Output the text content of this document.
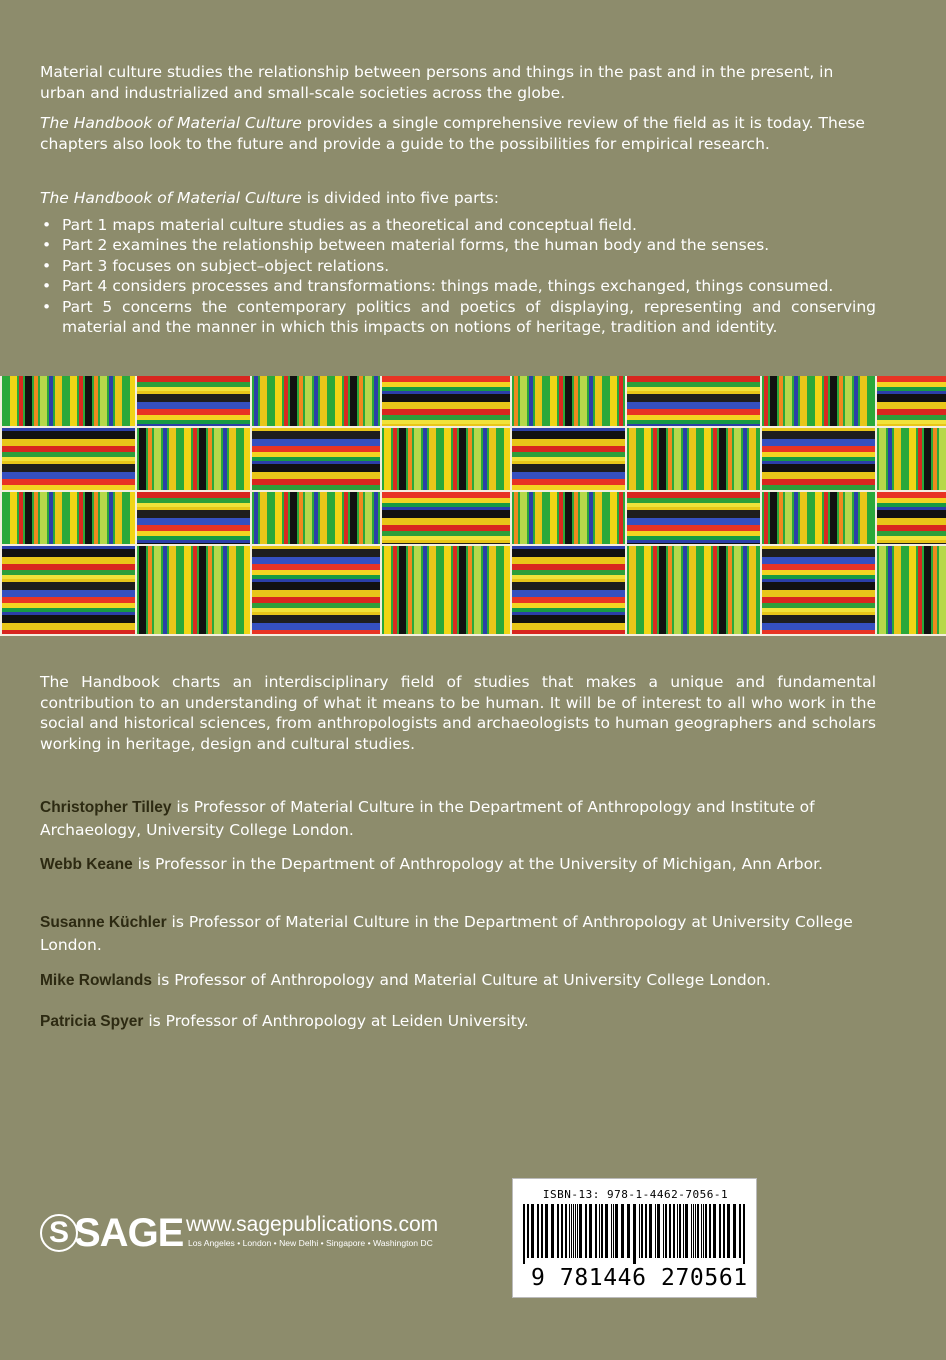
Material culture studies the relationship between persons and things in the past and in the present, in urban and industrialized and small-scale societies across the globe.

The Handbook of Material Culture provides a single comprehensive review of the field as it is today. These chapters also look to the future and provide a guide to the possibilities for empirical research.

The Handbook of Material Culture is divided into five parts:

• Part 1 maps material culture studies as a theoretical and conceptual field.
• Part 2 examines the relationship between material forms, the human body and the senses.
• Part 3 focuses on subject–object relations.
• Part 4 considers processes and transformations: things made, things exchanged, things consumed.
• Part 5 concerns the contemporary politics and poetics of displaying, representing and conserving material and the manner in which this impacts on notions of heritage, tradition and identity.
The Handbook charts an interdisciplinary field of studies that makes a unique and fundamental contribution to an understanding of what it means to be human. It will be of interest to all who work in the social and historical sciences, from anthropologists and archaeologists to human geographers and scholars working in heritage, design and cultural studies.
Christopher Tilley is Professor of Material Culture in the Department of Anthropology and Institute of Archaeology, University College London.
Webb Keane is Professor in the Department of Anthropology at the University of Michigan, Ann Arbor.
Susanne Küchler is Professor of Material Culture in the Department of Anthropology at University College London.
Mike Rowlands is Professor of Anthropology and Material Culture at University College London.
Patricia Spyer is Professor of Anthropology at Leiden University.
S SAGE www.sagepublications.com
Los Angeles • London • New Delhi • Singapore • Washington DC
ISBN-13: 978-1-4462-7056-1
9 781446 270561
